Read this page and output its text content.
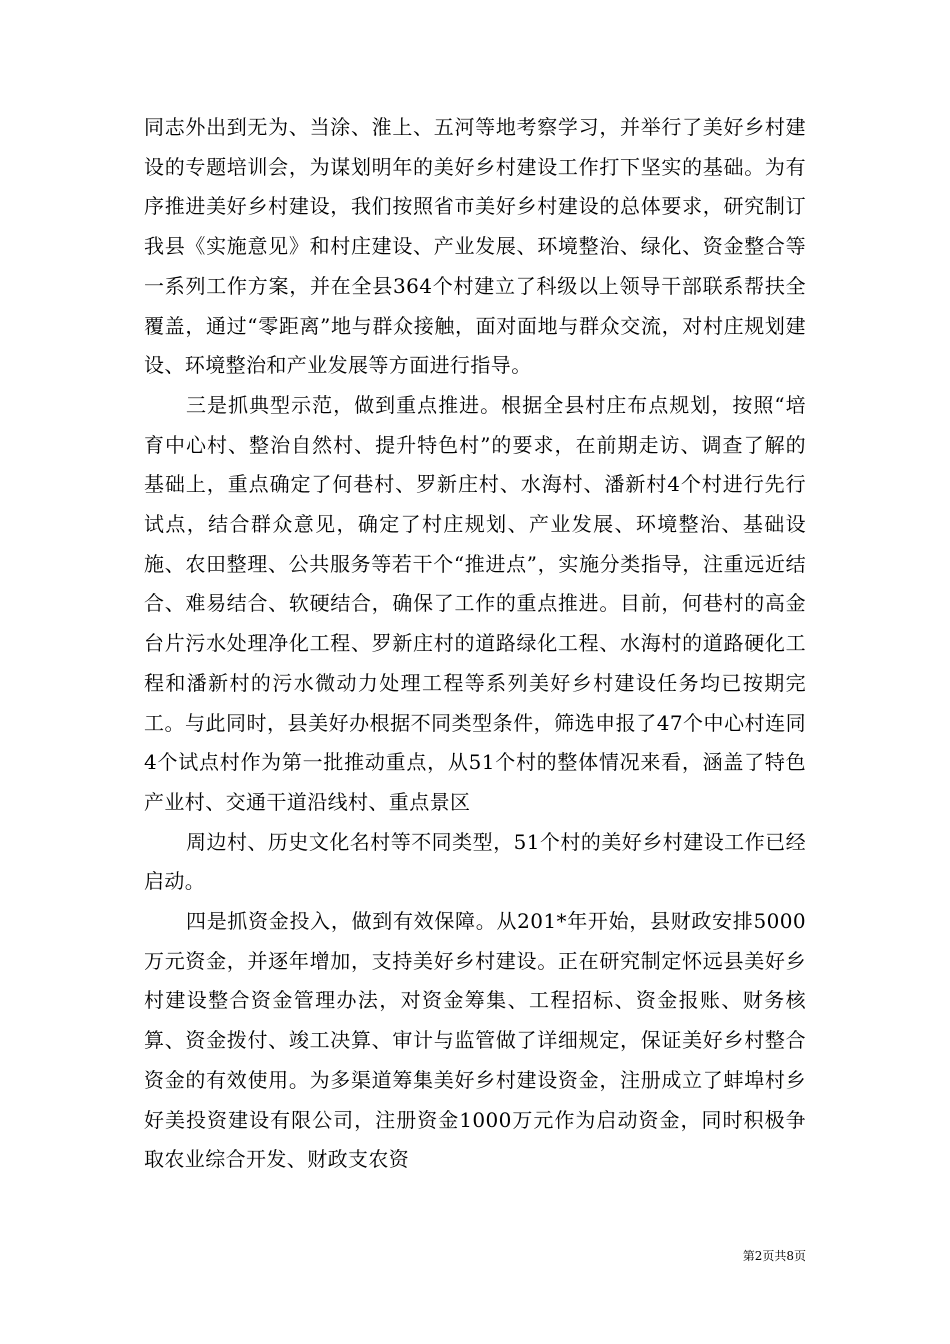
同志外出到无为、当涂、淮上、五河等地考察学习，并举行了美好乡村建设的专题培训会，为谋划明年的美好乡村建设工作打下坚实的基础。为有序推进美好乡村建设，我们按照省市美好乡村建设的总体要求，研究制订我县《实施意见》和村庄建设、产业发展、环境整治、绿化、资金整合等一系列工作方案，并在全县364个村建立了科级以上领导干部联系帮扶全覆盖，通过“零距离”地与群众接触，面对面地与群众交流，对村庄规划建设、环境整治和产业发展等方面进行指导。

三是抓典型示范，做到重点推进。根据全县村庄布点规划，按照“培育中心村、整治自然村、提升特色村”的要求，在前期走访、调查了解的基础上，重点确定了何巷村、罗新庄村、水海村、潘新村4个村进行先行试点，结合群众意见，确定了村庄规划、产业发展、环境整治、基础设施、农田整理、公共服务等若干个“推进点”，实施分类指导，注重远近结合、难易结合、软硬结合，确保了工作的重点推进。目前，何巷村的高金台片污水处理净化工程、罗新庄村的道路绿化工程、水海村的道路硬化工程和潘新村的污水微动力处理工程等系列美好乡村建设任务均已按期完工。与此同时，县美好办根据不同类型条件，筛选申报了47个中心村连同4个试点村作为第一批推动重点，从51个村的整体情况来看，涵盖了特色产业村、交通干道沿线村、重点景区

周边村、历史文化名村等不同类型，51个村的美好乡村建设工作已经启动。

四是抓资金投入，做到有效保障。从201*年开始，县财政安排5000万元资金，并逐年增加，支持美好乡村建设。正在研究制定怀远县美好乡村建设整合资金管理办法，对资金筹集、工程招标、资金报账、财务核算、资金拨付、竣工决算、审计与监管做了详细规定，保证美好乡村整合资金的有效使用。为多渠道筹集美好乡村建设资金，注册成立了蚌埠村乡好美投资建设有限公司，注册资金1000万元作为启动资金，同时积极争取农业综合开发、财政支农资

第2页共8页
